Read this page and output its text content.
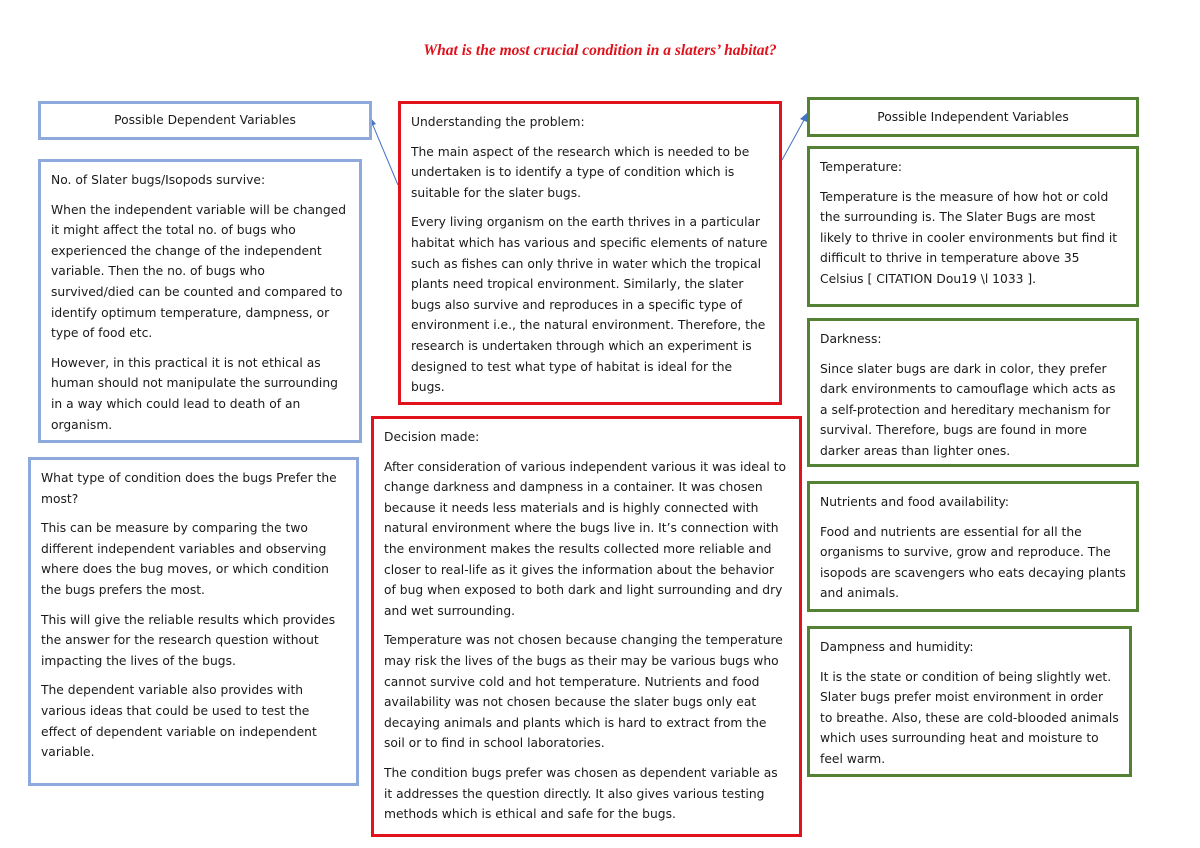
What is the most crucial condition in a slaters’ habitat?
Possible Dependent Variables

No. of Slater bugs/Isopods survive:

When the independent variable will be changed it might affect the total no. of bugs who experienced the change of the independent variable. Then the no. of bugs who survived/died can be counted and compared to identify optimum temperature, dampness, or type of food etc.

However, in this practical it is not ethical as human should not manipulate the surrounding in a way which could lead to death of an organism.

What type of condition does the bugs Prefer the most?

This can be measure by comparing the two different independent variables and observing where does the bug moves, or which condition the bugs prefers the most.

This will give the reliable results which provides the answer for the research question without impacting the lives of the bugs.

The dependent variable also provides with various ideas that could be used to test the effect of dependent variable on independent variable.

Understanding the problem:

The main aspect of the research which is needed to be undertaken is to identify a type of condition which is suitable for the slater bugs.

Every living organism on the earth thrives in a particular habitat which has various and specific elements of nature such as fishes can only thrive in water which the tropical plants need tropical environment. Similarly, the slater bugs also survive and reproduces in a specific type of environment i.e., the natural environment. Therefore, the research is undertaken through which an experiment is designed to test what type of habitat is ideal for the bugs.

Decision made:

After consideration of various independent various it was ideal to change darkness and dampness in a container. It was chosen because it needs less materials and is highly connected with natural environment where the bugs live in. It’s connection with the environment makes the results collected more reliable and closer to real-life as it gives the information about the behavior of bug when exposed to both dark and light surrounding and dry and wet surrounding.

Temperature was not chosen because changing the temperature may risk the lives of the bugs as their may be various bugs who cannot survive cold and hot temperature. Nutrients and food availability was not chosen because the slater bugs only eat decaying animals and plants which is hard to extract from the soil or to find in school laboratories.

The condition bugs prefer was chosen as dependent variable as it addresses the question directly. It also gives various testing methods which is ethical and safe for the bugs.

Possible Independent Variables

Temperature:

Temperature is the measure of how hot or cold the surrounding is. The Slater Bugs are most likely to thrive in cooler environments but find it difficult to thrive in temperature above 35 Celsius [ CITATION Dou19 \l 1033 ].

Darkness:

Since slater bugs are dark in color, they prefer dark environments to camouflage which acts as a self-protection and hereditary mechanism for survival. Therefore, bugs are found in more darker areas than lighter ones.

Nutrients and food availability:

Food and nutrients are essential for all the organisms to survive, grow and reproduce. The isopods are scavengers who eats decaying plants and animals.

Dampness and humidity:

It is the state or condition of being slightly wet. Slater bugs prefer moist environment in order to breathe. Also, these are cold-blooded animals which uses surrounding heat and moisture to feel warm.
